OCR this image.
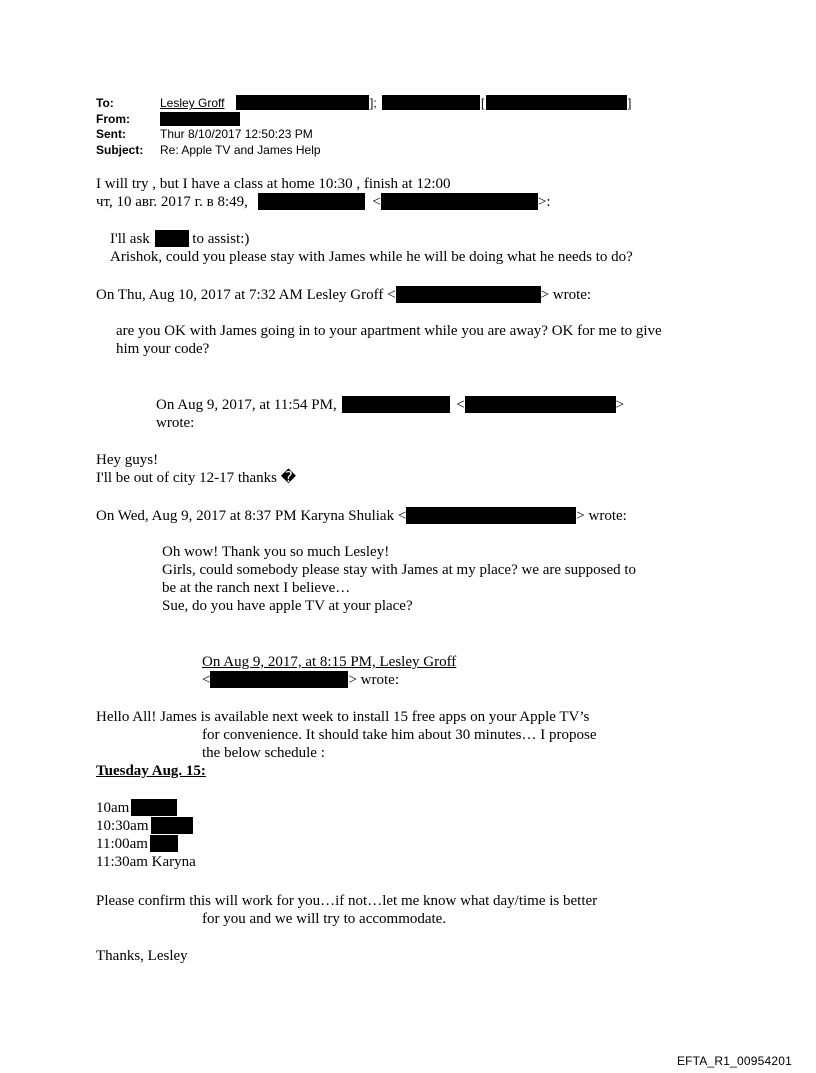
To:	Lesley Groff	];	[	]
From:
Sent:	Thur 8/10/2017 12:50:23 PM
Subject: Re: Apple TV and James Help
I will try , but I have a class at home 10:30 , finish at 12:00
чт, 10 авг. 2017 г. в 8:49,	<	>:
I'll ask	to assist:)
Arishok, could you please stay with James while he will be doing what he needs to do?
On Thu, Aug 10, 2017 at 7:32 AM Lesley Groff <	> wrote:
are you OK with James going in to your apartment while you are away? OK for me to give
him your code?
On Aug 9, 2017, at 11:54 PM,	<	>
wrote:
Hey guys!
I'll be out of city 12-17 thanks �
On Wed, Aug 9, 2017 at 8:37 PM Karyna Shuliak <	> wrote:
Oh wow! Thank you so much Lesley!
Girls, could somebody please stay with James at my place? we are supposed to
be at the ranch next I believe…
Sue, do you have apple TV at your place?
On Aug 9, 2017, at 8:15 PM, Lesley Groff
<	> wrote:
Hello All! James is available next week to install 15 free apps on your Apple TV’s
for convenience. It should take him about 30 minutes… I propose
the below schedule :
Tuesday Aug. 15:
10am
10:30am
11:00am
11:30am Karyna
Please confirm this will work for you…if not…let me know what day/time is better
for you and we will try to accommodate.
Thanks, Lesley
EFTA_R1_00954201
